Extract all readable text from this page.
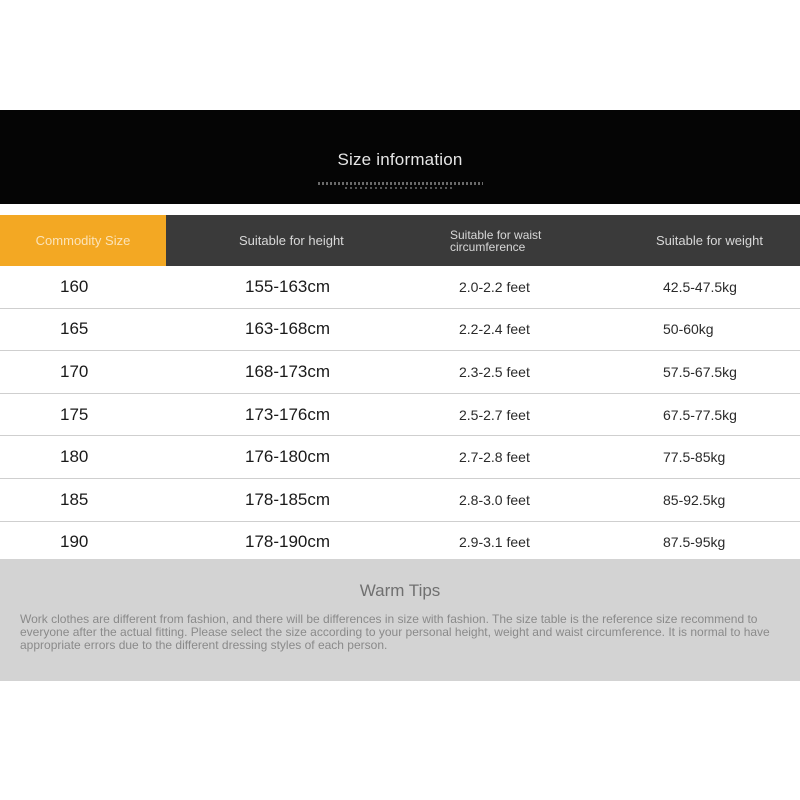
Size information
Commodity Size	Suitable for height	Suitable for waist circumference	Suitable for weight
160	155-163cm	2.0-2.2 feet	42.5-47.5kg
165	163-168cm	2.2-2.4 feet	50-60kg
170	168-173cm	2.3-2.5 feet	57.5-67.5kg
175	173-176cm	2.5-2.7 feet	67.5-77.5kg
180	176-180cm	2.7-2.8 feet	77.5-85kg
185	178-185cm	2.8-3.0 feet	85-92.5kg
190	178-190cm	2.9-3.1 feet	87.5-95kg
Warm Tips
Work clothes are different from fashion, and there will be differences in size with fashion. The size table is the reference size recommend to everyone after the actual fitting. Please select the size according to your personal height, weight and waist circumference. It is normal to have appropriate errors due to the different dressing styles of each person.
